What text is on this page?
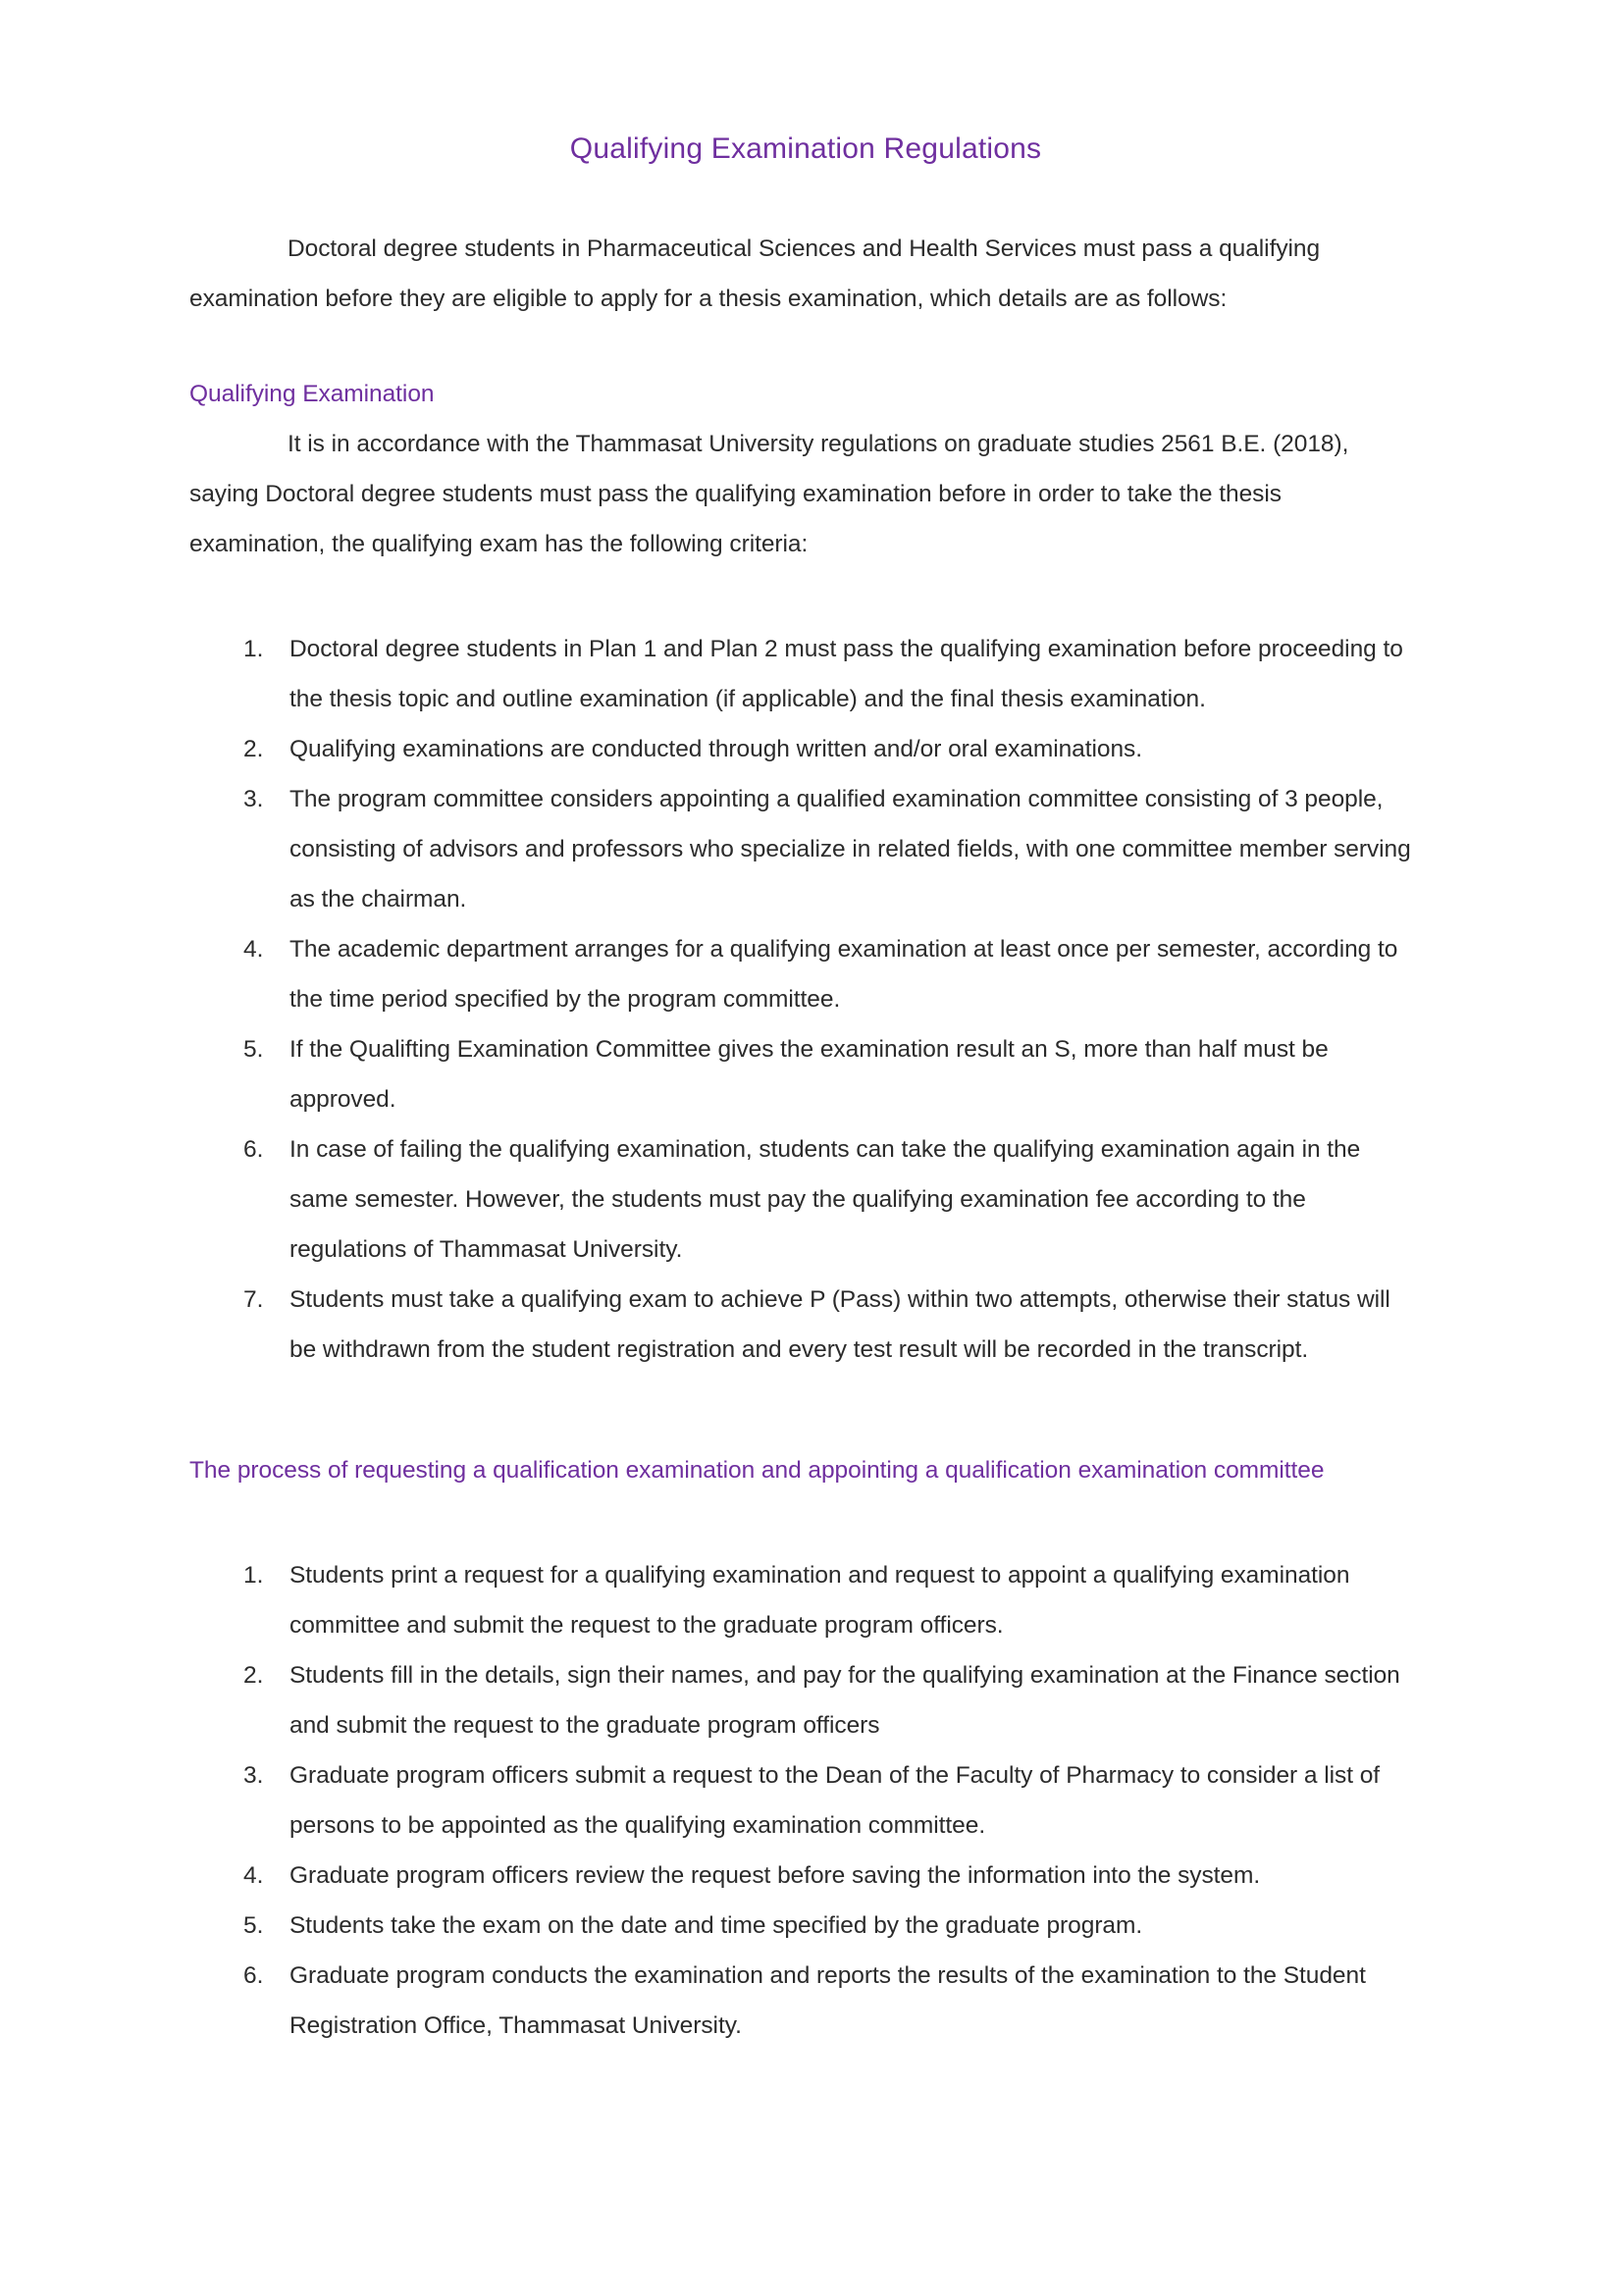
Qualifying Examination Regulations

Doctoral degree students in Pharmaceutical Sciences and Health Services must pass a qualifying examination before they are eligible to apply for a thesis examination, which details are as follows:

Qualifying Examination

It is in accordance with the Thammasat University regulations on graduate studies 2561 B.E. (2018), saying Doctoral degree students must pass the qualifying examination before in order to take the thesis examination, the qualifying exam has the following criteria:

Doctoral degree students in Plan 1 and Plan 2 must pass the qualifying examination before proceeding to the thesis topic and outline examination (if applicable) and the final thesis examination.
Qualifying examinations are conducted through written and/or oral examinations.
The program committee considers appointing a qualified examination committee consisting of 3 people, consisting of advisors and professors who specialize in related fields, with one committee member serving as the chairman.
The academic department arranges for a qualifying examination at least once per semester, according to the time period specified by the program committee.
If the Qualifting Examination Committee gives the examination result an S, more than half must be approved.
In case of failing the qualifying examination, students can take the qualifying examination again in the same semester. However, the students must pay the qualifying examination fee according to the regulations of Thammasat University.
Students must take a qualifying exam to achieve P (Pass) within two attempts, otherwise their status will be withdrawn from the student registration and every test result will be recorded in the transcript.
The process of requesting a qualification examination and appointing a qualification examination committee
Students print a request for a qualifying examination and request to appoint a qualifying examination committee and submit the request to the graduate program officers.
Students fill in the details, sign their names, and pay for the qualifying examination at the Finance section and submit the request to the graduate program officers
Graduate program officers submit a request to the Dean of the Faculty of Pharmacy to consider a list of persons to be appointed as the qualifying examination committee.
Graduate program officers review the request before saving the information into the system.
Students take the exam on the date and time specified by the graduate program.
Graduate program conducts the examination and reports the results of the examination to the Student Registration Office, Thammasat University.
